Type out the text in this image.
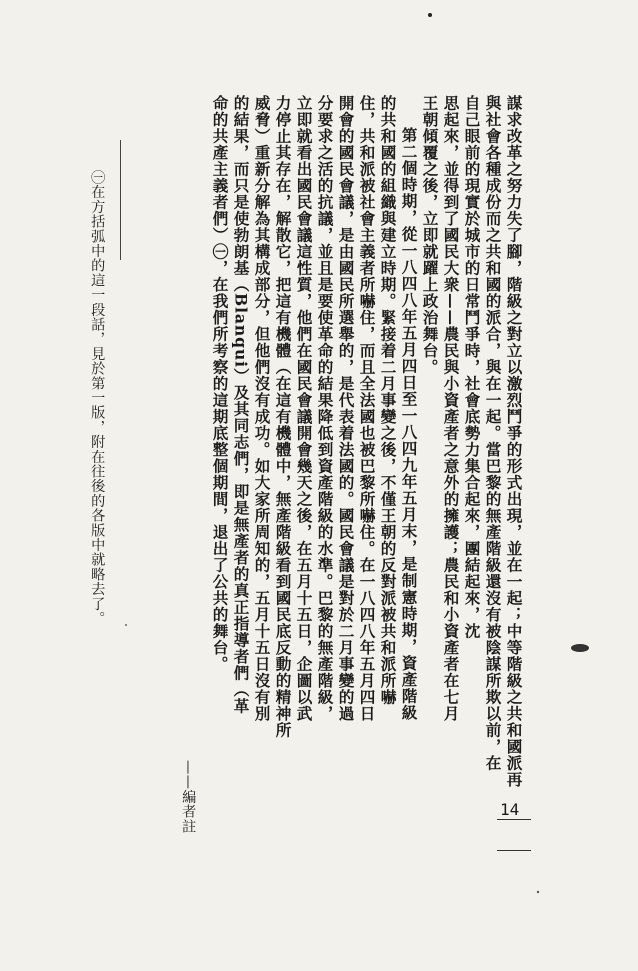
謀求改革之努力失了腳，階級之對立以激烈鬥爭的形式出現，並在一起；中等階級之共和國派再
與社會各種成份而之共和國的派合，與在一起。當巴黎的無產階級還沒有被陰謀所欺以前，在
自己眼前的現實於城市的日常鬥爭時，社會底勢力集合起來，團結起來，沈
思起來，並得到了國民大衆——農民與小資產者之意外的擁護；農民和小資產者在七月
王朝傾覆之後，立即就躍上政治舞台。
第二個時期，從一八四八年五月四日至一八四九年五月末，是制憲時期，資產階級
的共和國的組織與建立時期。緊接着二月事變之後，不僅王朝的反對派被共和派所嚇
住，共和派被社會主義者所嚇住，而且全法國也被巴黎所嚇住。在一八四八年五月四日
開會的國民會議，是由國民所選舉的，是代表着法國的。國民會議是對於二月事變的過
分要求之活的抗議，並且是要使革命的結果降低到資產階級的水準。巴黎的無產階級，
立即就看出國民會議這性質，他們在國民會議開會幾天之後，在五月十五日，企圖以武
力停止其存在，解散它，把這有機體（在這有機體中，無產階級看到國民底反動的精神所
威脅）重新分解為其構成部分，但他們沒有成功。如大家所周知的，五月十五日沒有別
的結果，而只是使勃朗基（Blanqui）及其同志們，即是無產者的真正指導者們（革
命的共產主義者們）㊀，在我們所考察的這期底整個期間，退出了公共的舞台。
——編者註
㊀在方括弧中的這一段話，見於第一版，附在往後的各版中就略去了。
14
